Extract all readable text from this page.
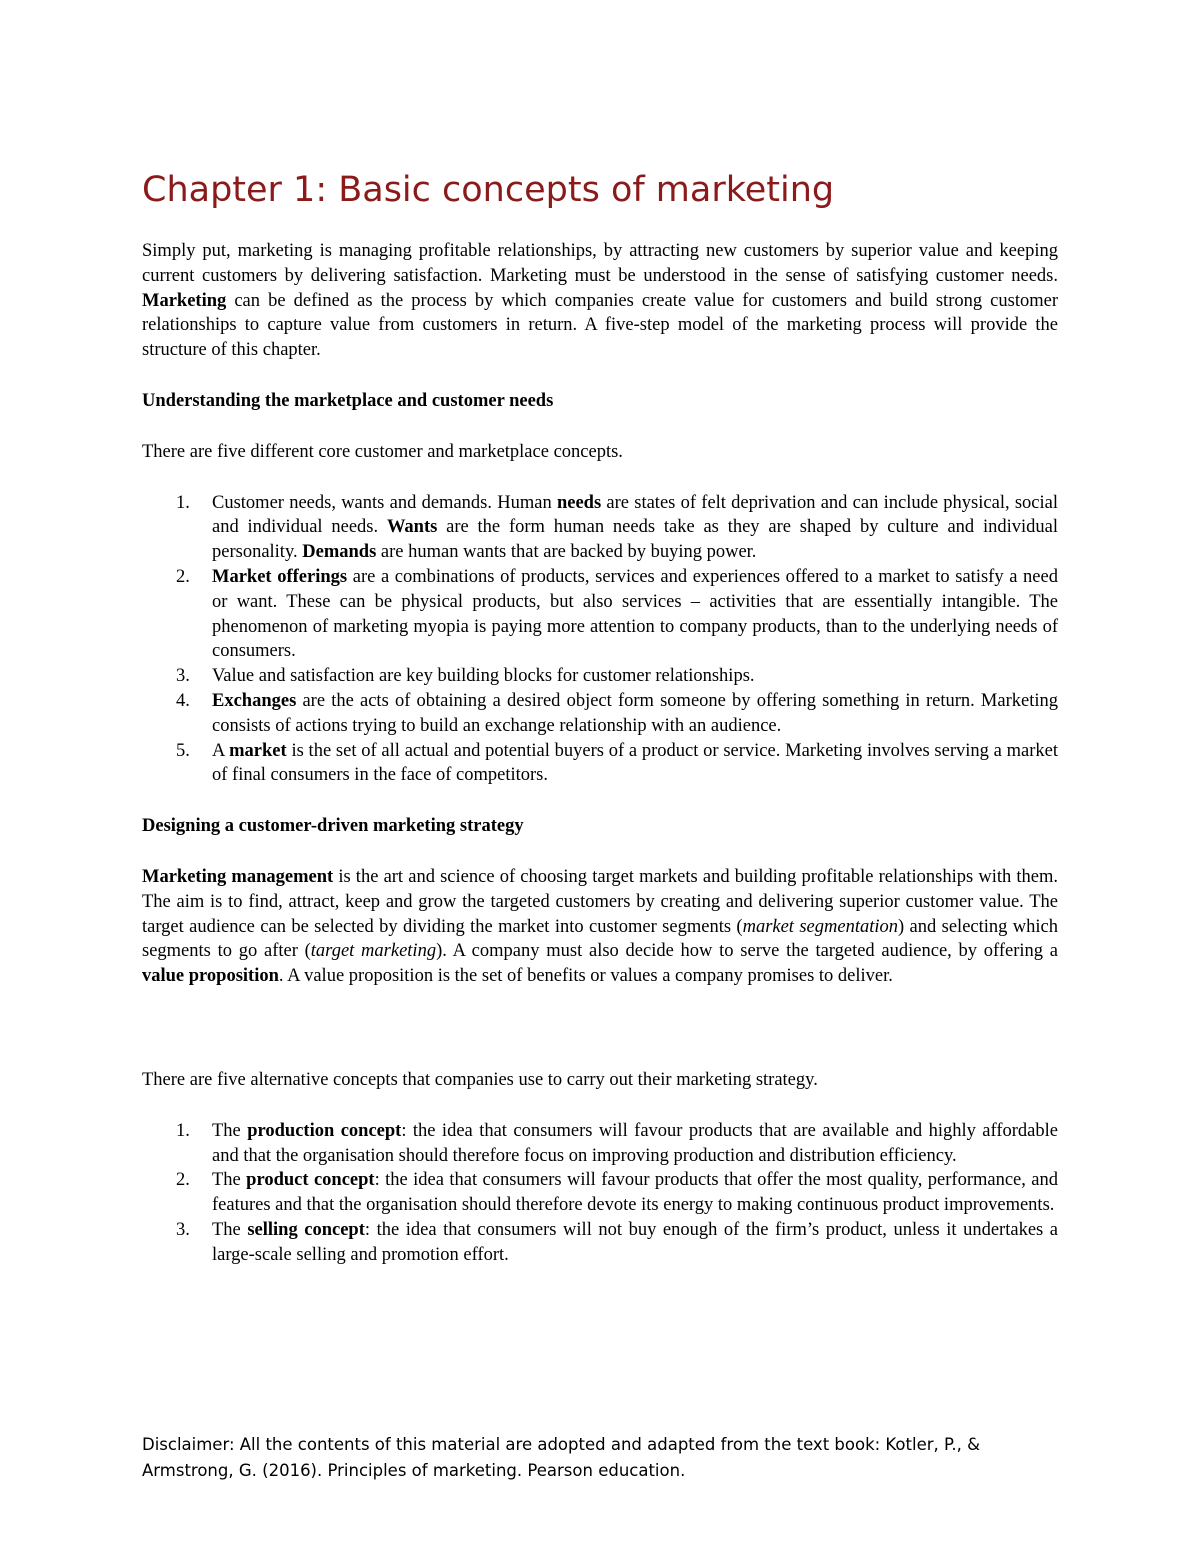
Chapter 1: Basic concepts of marketing

Simply put, marketing is managing profitable relationships, by attracting new customers by superior value and keeping current customers by delivering satisfaction. Marketing must be understood in the sense of satisfying customer needs. Marketing can be defined as the process by which companies create value for customers and build strong customer relationships to capture value from customers in return. A five-step model of the marketing process will provide the structure of this chapter.

Understanding the marketplace and customer needs

There are five different core customer and marketplace concepts.

1. Customer needs, wants and demands. Human needs are states of felt deprivation and can include physical, social and individual needs. Wants are the form human needs take as they are shaped by culture and individual personality. Demands are human wants that are backed by buying power.
2. Market offerings are a combinations of products, services and experiences offered to a market to satisfy a need or want. These can be physical products, but also services – activities that are essentially intangible. The phenomenon of marketing myopia is paying more attention to company products, than to the underlying needs of consumers.
3. Value and satisfaction are key building blocks for customer relationships.
4. Exchanges are the acts of obtaining a desired object form someone by offering something in return. Marketing consists of actions trying to build an exchange relationship with an audience.
5. A market is the set of all actual and potential buyers of a product or service. Marketing involves serving a market of final consumers in the face of competitors.

Designing a customer-driven marketing strategy

Marketing management is the art and science of choosing target markets and building profitable relationships with them. The aim is to find, attract, keep and grow the targeted customers by creating and delivering superior customer value. The target audience can be selected by dividing the market into customer segments (market segmentation) and selecting which segments to go after (target marketing). A company must also decide how to serve the targeted audience, by offering a value proposition. A value proposition is the set of benefits or values a company promises to deliver.

There are five alternative concepts that companies use to carry out their marketing strategy.

1. The production concept: the idea that consumers will favour products that are available and highly affordable and that the organisation should therefore focus on improving production and distribution efficiency.
2. The product concept: the idea that consumers will favour products that offer the most quality, performance, and features and that the organisation should therefore devote its energy to making continuous product improvements.
3. The selling concept: the idea that consumers will not buy enough of the firm’s product, unless it undertakes a large-scale selling and promotion effort.
Disclaimer: All the contents of this material are adopted and adapted from the text book: Kotler, P., & Armstrong, G. (2016). Principles of marketing. Pearson education.
